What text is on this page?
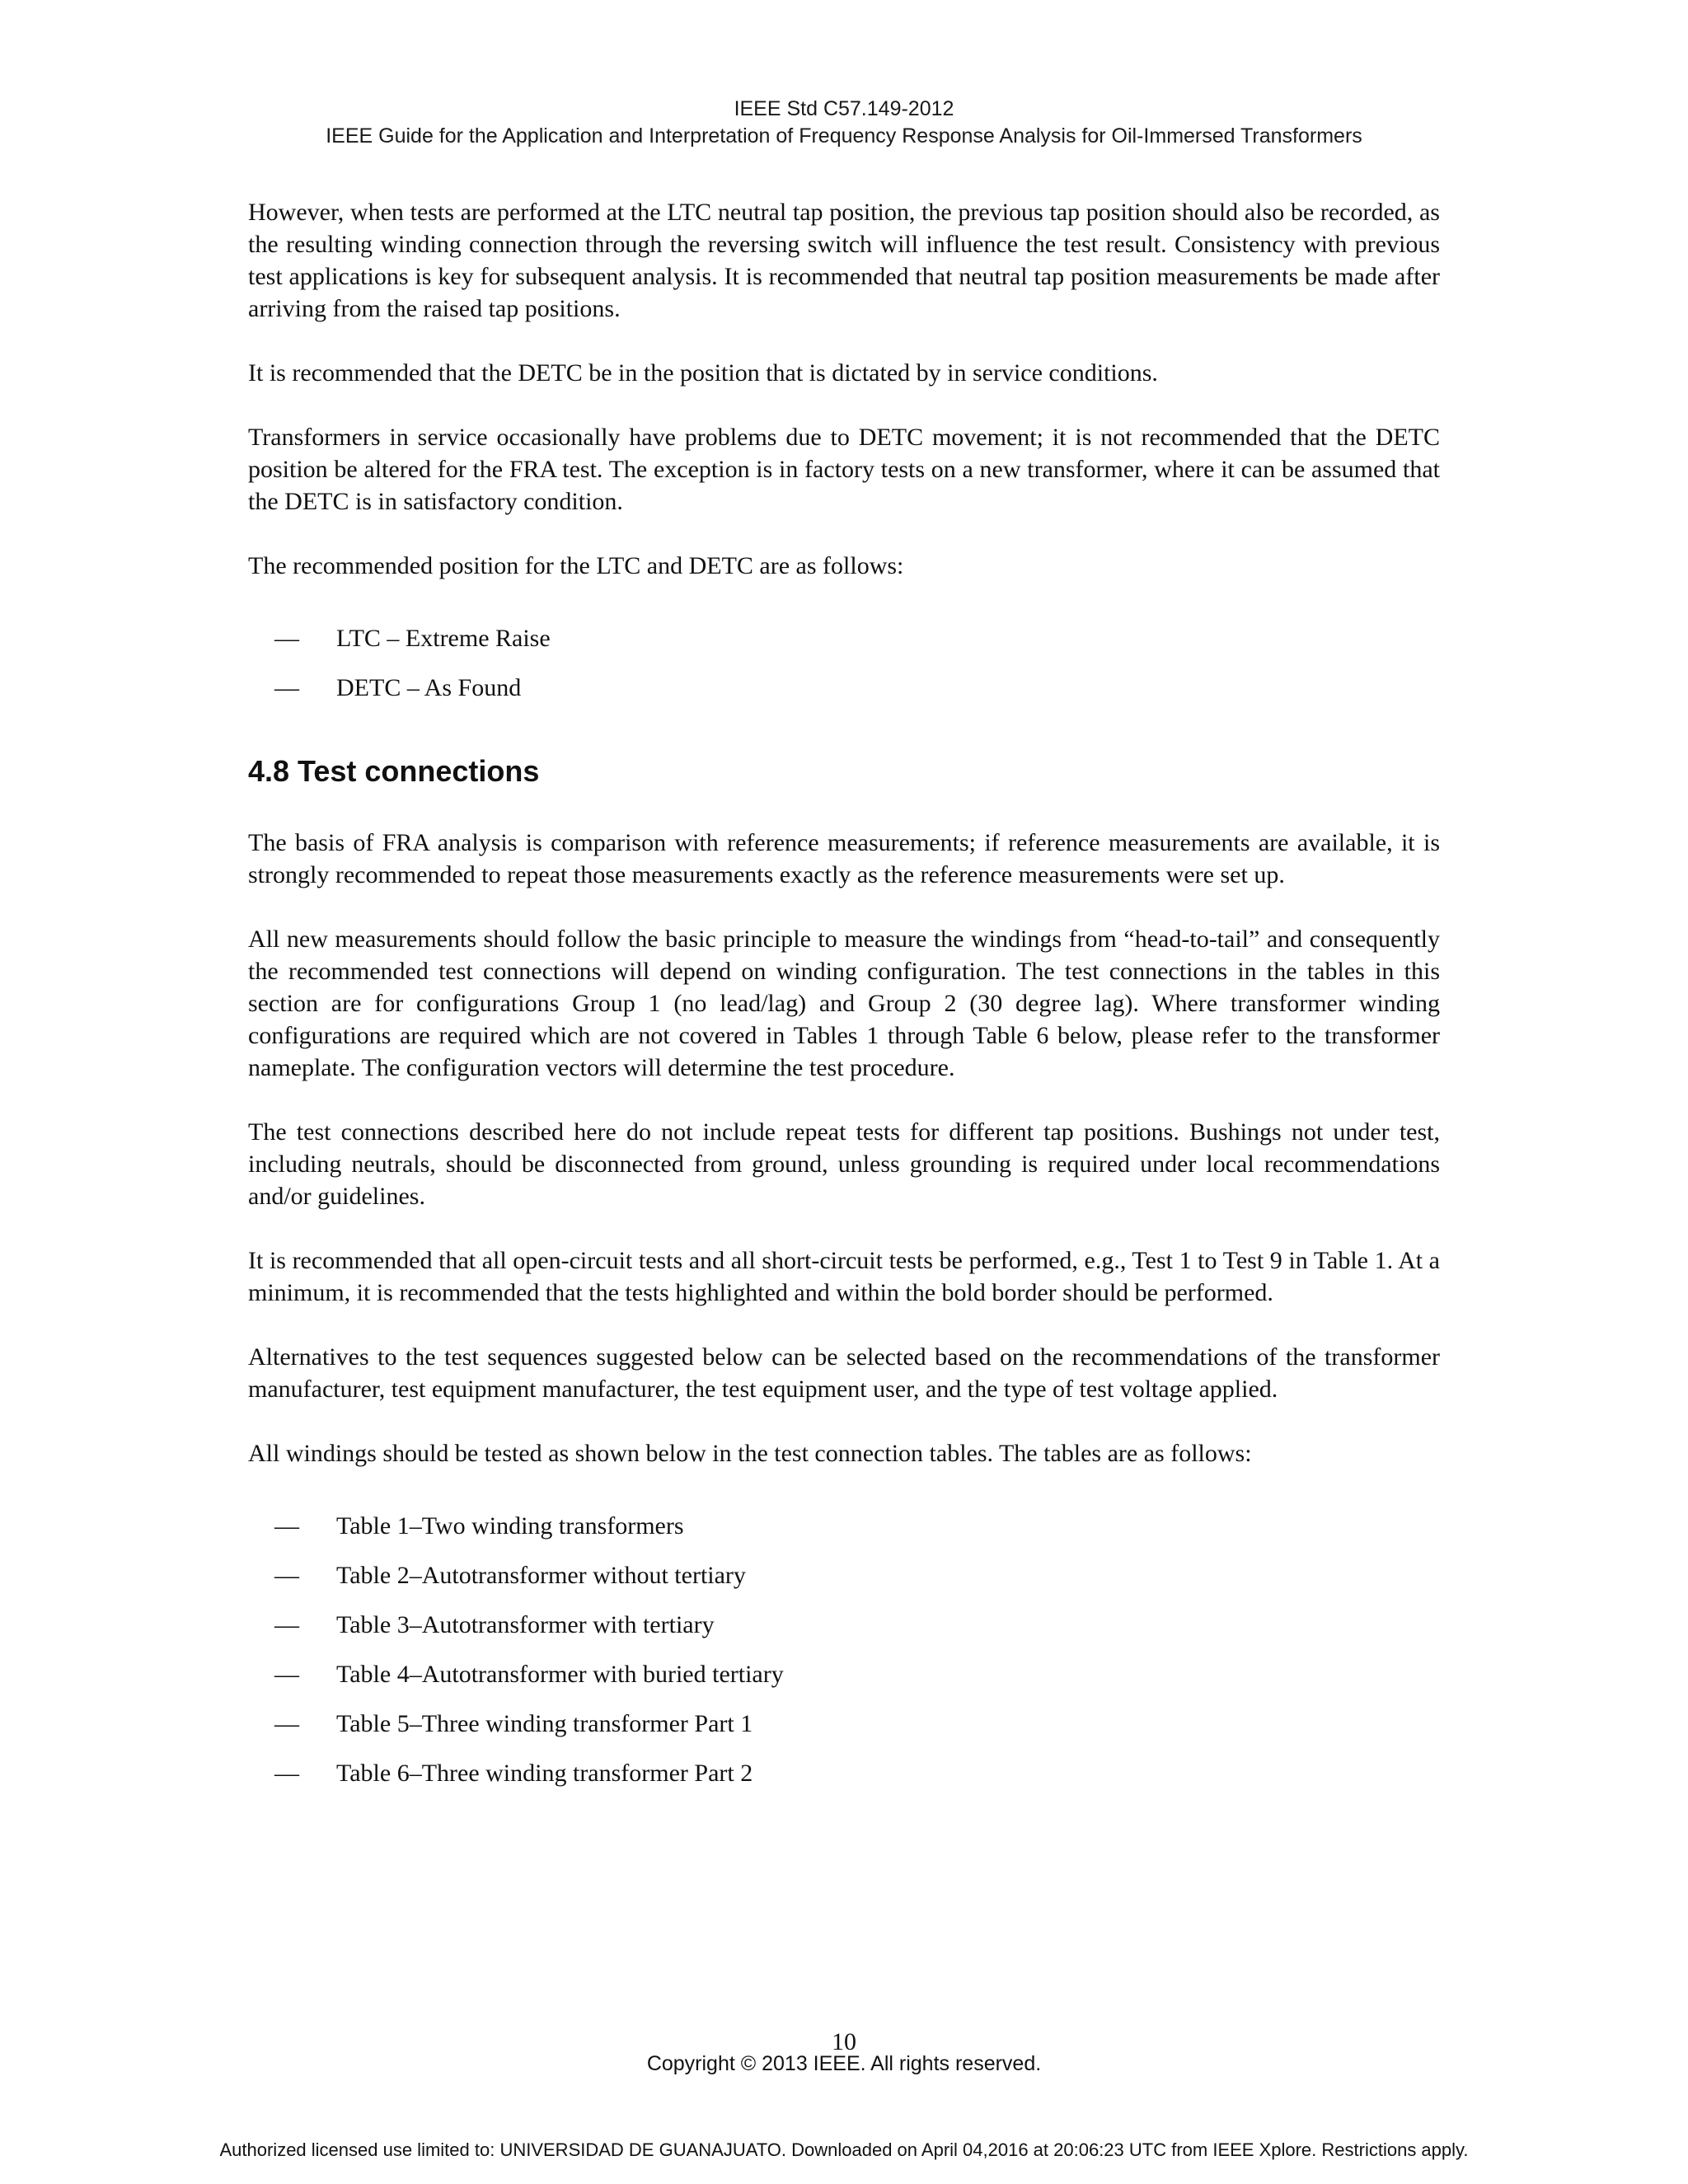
IEEE Std C57.149-2012
IEEE Guide for the Application and Interpretation of Frequency Response Analysis for Oil-Immersed Transformers

However, when tests are performed at the LTC neutral tap position, the previous tap position should also be recorded, as the resulting winding connection through the reversing switch will influence the test result. Consistency with previous test applications is key for subsequent analysis. It is recommended that neutral tap position measurements be made after arriving from the raised tap positions.

It is recommended that the DETC be in the position that is dictated by in service conditions.

Transformers in service occasionally have problems due to DETC movement; it is not recommended that the DETC position be altered for the FRA test. The exception is in factory tests on a new transformer, where it can be assumed that the DETC is in satisfactory condition.

The recommended position for the LTC and DETC are as follows:

— LTC – Extreme Raise
— DETC – As Found
4.8 Test connections

The basis of FRA analysis is comparison with reference measurements; if reference measurements are available, it is strongly recommended to repeat those measurements exactly as the reference measurements were set up.

All new measurements should follow the basic principle to measure the windings from “head-to-tail” and consequently the recommended test connections will depend on winding configuration. The test connections in the tables in this section are for configurations Group 1 (no lead/lag) and Group 2 (30 degree lag). Where transformer winding configurations are required which are not covered in Tables 1 through Table 6 below, please refer to the transformer nameplate. The configuration vectors will determine the test procedure.

The test connections described here do not include repeat tests for different tap positions. Bushings not under test, including neutrals, should be disconnected from ground, unless grounding is required under local recommendations and/or guidelines.

It is recommended that all open-circuit tests and all short-circuit tests be performed, e.g., Test 1 to Test 9 in Table 1. At a minimum, it is recommended that the tests highlighted and within the bold border should be performed.

Alternatives to the test sequences suggested below can be selected based on the recommendations of the transformer manufacturer, test equipment manufacturer, the test equipment user, and the type of test voltage applied.

All windings should be tested as shown below in the test connection tables. The tables are as follows:

— Table 1–Two winding transformers
— Table 2–Autotransformer without tertiary
— Table 3–Autotransformer with tertiary
— Table 4–Autotransformer with buried tertiary
— Table 5–Three winding transformer Part 1
— Table 6–Three winding transformer Part 2
10
Copyright © 2013 IEEE. All rights reserved.
Authorized licensed use limited to: UNIVERSIDAD DE GUANAJUATO. Downloaded on April 04,2016 at 20:06:23 UTC from IEEE Xplore. Restrictions apply.
